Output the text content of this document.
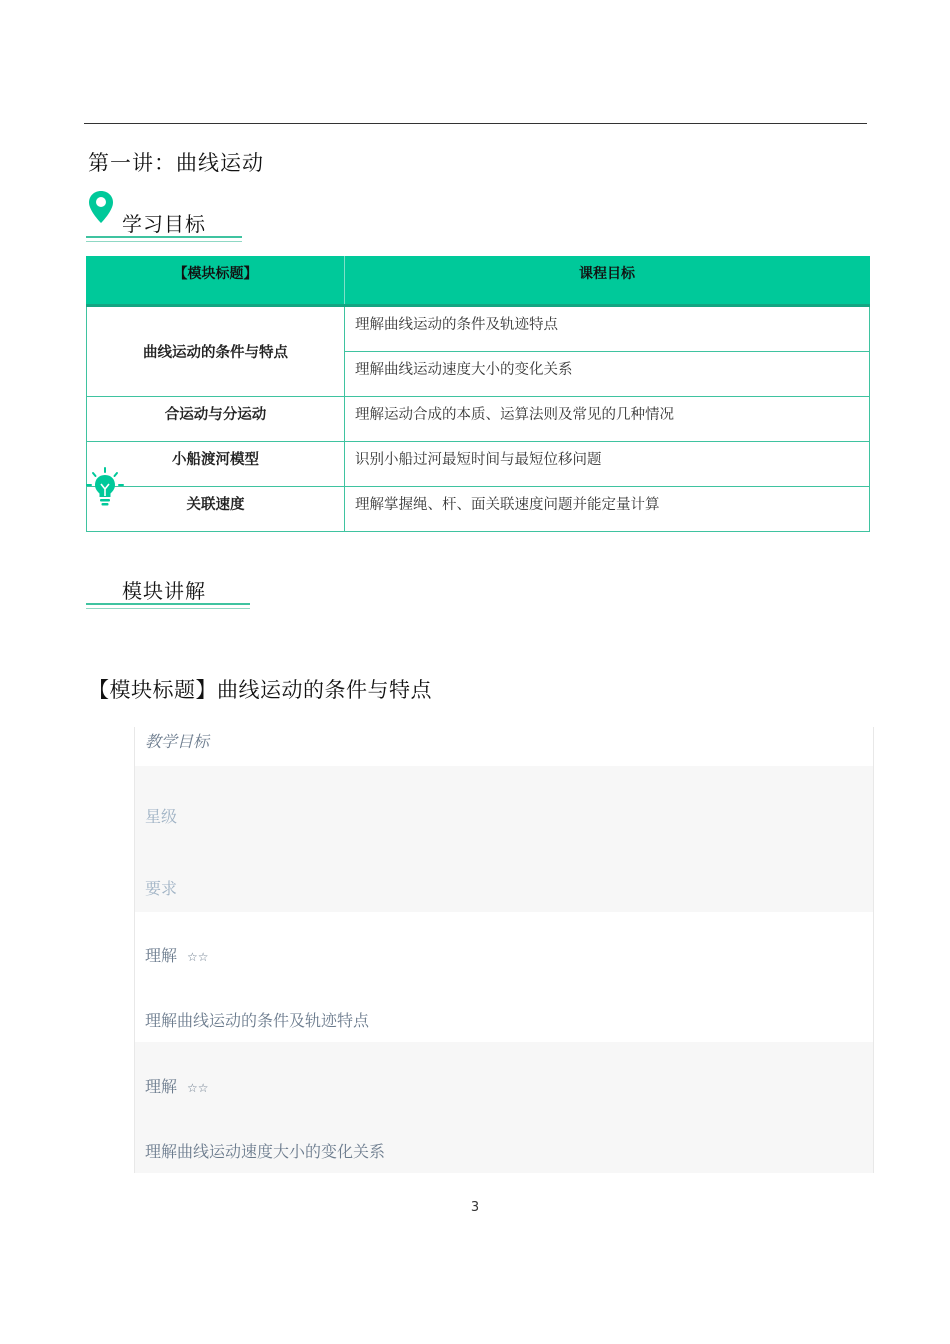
第一讲：曲线运动
学习目标
【模块标题】	课程目标
曲线运动的条件与特点	理解曲线运动的条件及轨迹特点
	理解曲线运动速度大小的变化关系
合运动与分运动	理解运动合成的本质、运算法则及常见的几种情况
小船渡河模型	识别小船过河最短时间与最短位移问题
关联速度	理解掌握绳、杆、面关联速度问题并能定量计算
模块讲解
【模块标题】曲线运动的条件与特点
教学目标
星级
要求
理解 ☆☆
理解曲线运动的条件及轨迹特点
理解 ☆☆
理解曲线运动速度大小的变化关系
3
